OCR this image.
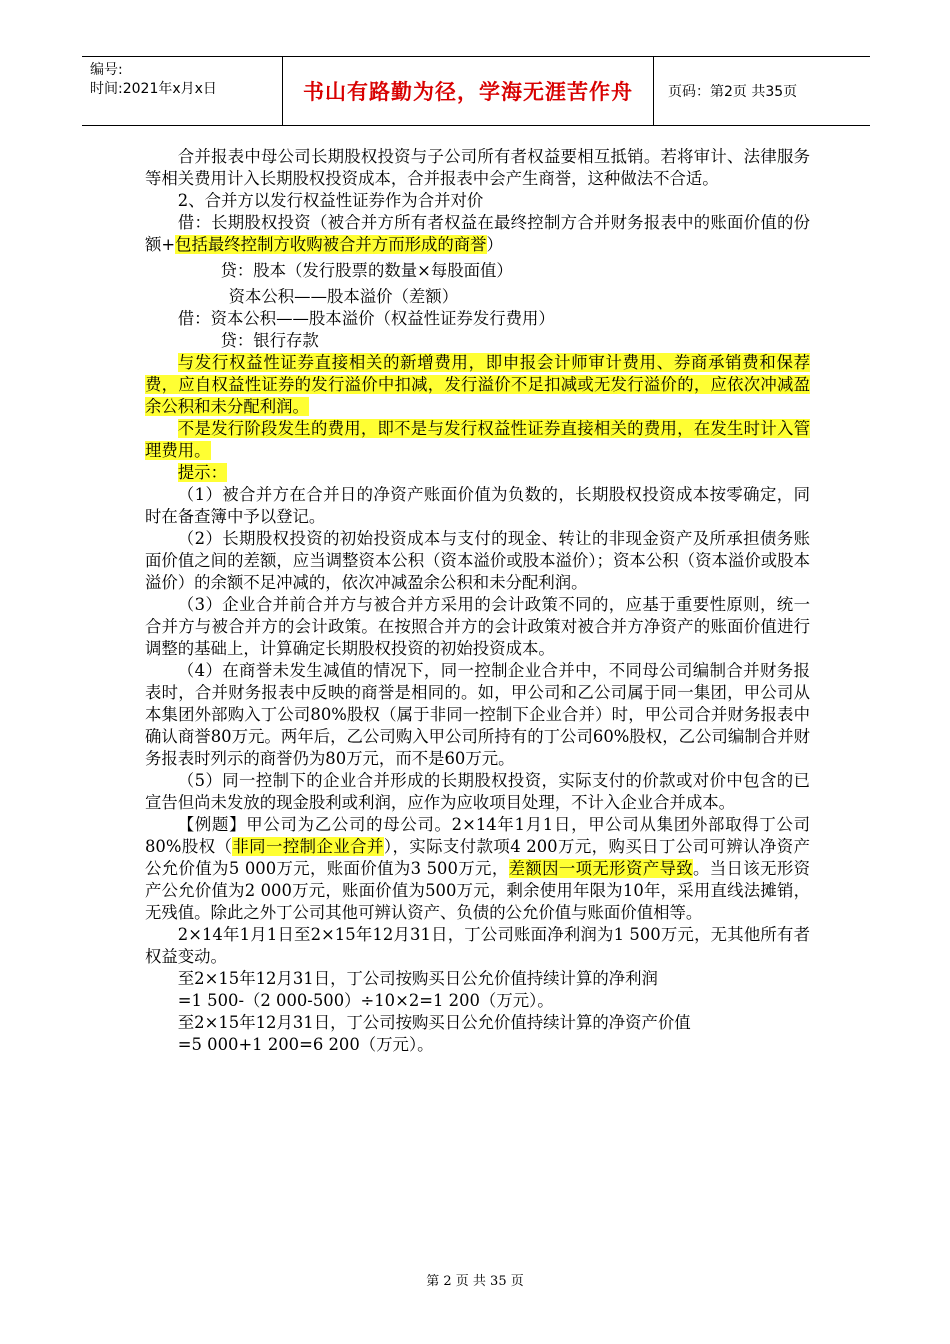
编号:
时间:2021年x月x日	书山有路勤为径，学海无涯苦作舟	页码：第2页 共35页

合并报表中母公司长期股权投资与子公司所有者权益要相互抵销。若将审计、法律服务等相关费用计入长期股权投资成本，合并报表中会产生商誉，这种做法不合适。

2、合并方以发行权益性证券作为合并对价

借：长期股权投资（被合并方所有者权益在最终控制方合并财务报表中的账面价值的份额+包括最终控制方收购被合并方而形成的商誉）

贷：股本（发行股票的数量×每股面值）

资本公积——股本溢价（差额）

借：资本公积——股本溢价（权益性证券发行费用）

贷：银行存款

与发行权益性证券直接相关的新增费用，即申报会计师审计费用、券商承销费和保荐费，应自权益性证券的发行溢价中扣减，发行溢价不足扣减或无发行溢价的，应依次冲减盈余公积和未分配利润。

不是发行阶段发生的费用，即不是与发行权益性证券直接相关的费用，在发生时计入管理费用。

提示：

（1）被合并方在合并日的净资产账面价值为负数的，长期股权投资成本按零确定，同时在备查簿中予以登记。

（2）长期股权投资的初始投资成本与支付的现金、转让的非现金资产及所承担债务账面价值之间的差额，应当调整资本公积（资本溢价或股本溢价）；资本公积（资本溢价或股本溢价）的余额不足冲减的，依次冲减盈余公积和未分配利润。

（3）企业合并前合并方与被合并方采用的会计政策不同的，应基于重要性原则，统一合并方与被合并方的会计政策。在按照合并方的会计政策对被合并方净资产的账面价值进行调整的基础上，计算确定长期股权投资的初始投资成本。

（4）在商誉未发生减值的情况下，同一控制企业合并中，不同母公司编制合并财务报表时，合并财务报表中反映的商誉是相同的。如，甲公司和乙公司属于同一集团，甲公司从本集团外部购入丁公司80%股权（属于非同一控制下企业合并）时，甲公司合并财务报表中确认商誉80万元。两年后，乙公司购入甲公司所持有的丁公司60%股权，乙公司编制合并财务报表时列示的商誉仍为80万元，而不是60万元。

（5）同一控制下的企业合并形成的长期股权投资，实际支付的价款或对价中包含的已宣告但尚未发放的现金股利或利润，应作为应收项目处理，不计入企业合并成本。

【例题】甲公司为乙公司的母公司。2×14年1月1日，甲公司从集团外部取得丁公司80%股权（非同一控制企业合并），实际支付款项4 200万元，购买日丁公司可辨认净资产公允价值为5 000万元，账面价值为3 500万元，差额因一项无形资产导致。当日该无形资产公允价值为2 000万元，账面价值为500万元，剩余使用年限为10年，采用直线法摊销，无残值。除此之外丁公司其他可辨认资产、负债的公允价值与账面价值相等。

2×14年1月1日至2×15年12月31日，丁公司账面净利润为1 500万元，无其他所有者权益变动。

至2×15年12月31日，丁公司按购买日公允价值持续计算的净利润

=1 500-（2 000-500）÷10×2=1 200（万元）。

至2×15年12月31日，丁公司按购买日公允价值持续计算的净资产价值

=5 000+1 200=6 200（万元）。

第 2 页 共 35 页
